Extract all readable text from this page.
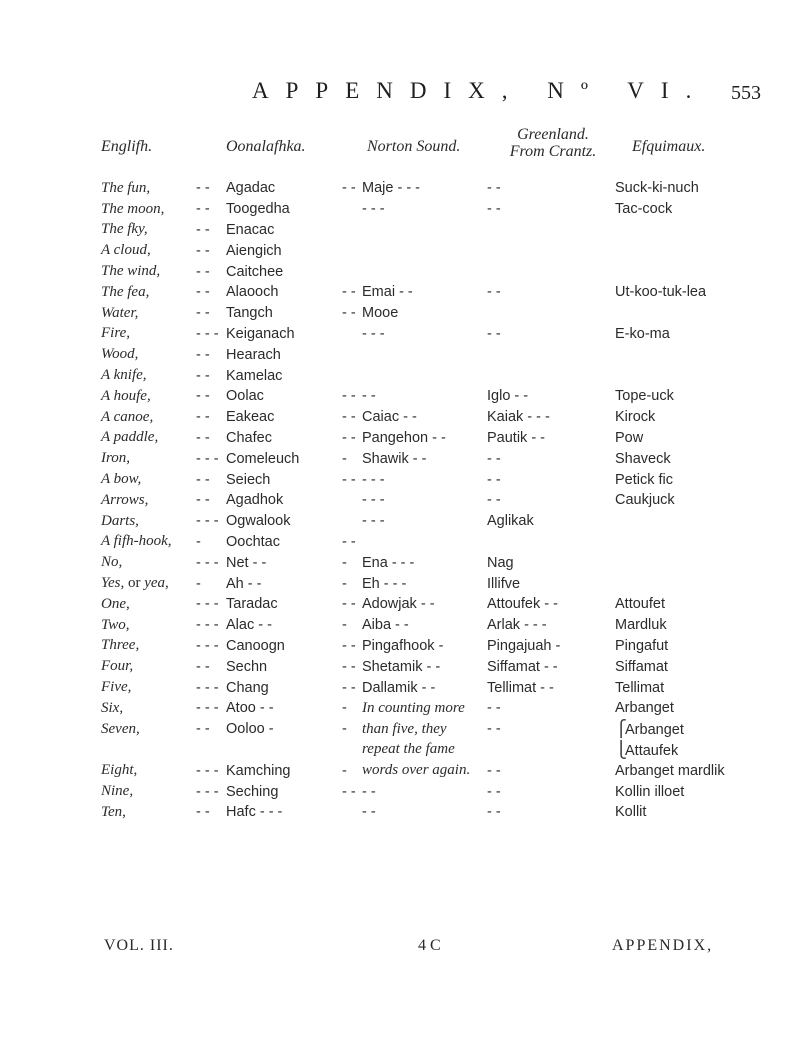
APPENDIX, Nº VI. 553
Englifh.	Oonalafhka.	Norton Sound.
Greenland.
From Crantz.	Efquimaux.
	The fun,	- -	Agadac	- -	Maje - - -	- -	Suck-ki-nuch
	The moon,	- -	Toogedha		- - -	- -	Tac-cock
	The fky,	- -	Enacac				
	A cloud,	- -	Aiengich				
	The wind,	- -	Caitchee				
	The fea,	- -	Alaooch	- -	Emai - -	- -	Ut-koo-tuk-lea
	Water,	- -	Tangch	- -	Mooe		
	Fire,	- - -	Keiganach		- - -	- -	E-ko-ma
	Wood,	- -	Hearach				
	A knife,	- -	Kamelac				
	A houfe,	- -	Oolac	- -	- -	Iglo - -	Tope-uck
	A canoe,	- -	Eakeac	- -	Caiac - -	Kaiak - - -	Kirock
	A paddle,	- -	Chafec	- -	Pangehon - -	Pautik - -	Pow
	Iron,	- - -	Comeleuch	-	Shawik - -	- -	Shaveck
	A bow,	- -	Seiech	- -	- - -	- -	Petick fic
	Arrows,	- -	Agadhok		- - -	- -	Caukjuck
	Darts,	- - -	Ogwalook		- - -	Aglikak	
	A fifh-hook,	-	Oochtac	- -			
	No,	- - -	Net - -	-	Ena - - -	Nag	
	Yes, or yea,	-	Ah - -	-	Eh - - -	Illifve	
	One,	- - -	Taradac	- -	Adowjak - -	Attoufek - -	Attoufet
	Two,	- - -	Alac - -	-	Aiba - -	Arlak - - -	Mardluk
	Three,	- - -	Canoogn	- -	Pingafhook -	Pingajuah -	Pingafut
	Four,	- -	Sechn	- -	Shetamik - -	Siffamat - -	Siffamat
	Five,	- - -	Chang	- -	Dallamik - -	Tellimat - -	Tellimat
	Six,	- - -	Atoo - -	-	In counting more	- -	Arbanget
	Seven,	- -	Ooloo -	-	than five, they	- -	⎧Arbanget
					repeat the fame		⎩Attaufek
	Eight,	- - -	Kamching	-	words over again.	- -	Arbanget mardlik
	Nine,	- - -	Seching	- -	- -	- -	Kollin illoet
	Ten,	- -	Hafc - - -		- -	- -	Kollit
VOL. III.	4 C	APPENDIX,
